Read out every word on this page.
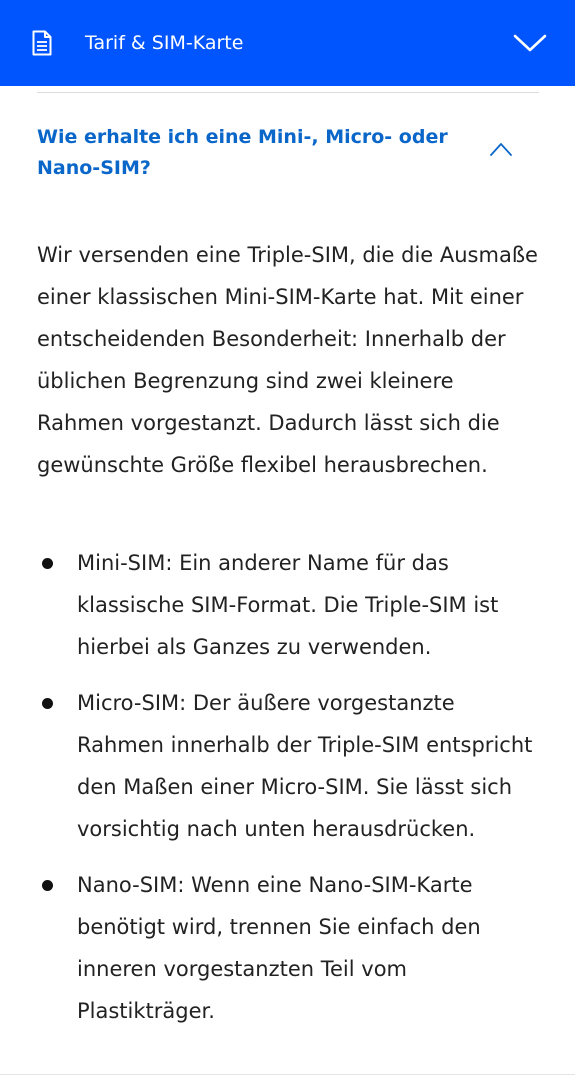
Tarif & SIM-Karte
Wie erhalte ich eine Mini-, Micro- oder Nano-SIM?

Wir versenden eine Triple-SIM, die die Ausmaße einer klassischen Mini-SIM-Karte hat. Mit einer entscheidenden Besonderheit: Innerhalb der üblichen Begrenzung sind zwei kleinere Rahmen vorgestanzt. Dadurch lässt sich die gewünschte Größe flexibel herausbrechen.

Mini-SIM: Ein anderer Name für das klassische SIM-Format. Die Triple-SIM ist hierbei als Ganzes zu verwenden.
Micro-SIM: Der äußere vorgestanzte Rahmen innerhalb der Triple-SIM entspricht den Maßen einer Micro-SIM. Sie lässt sich vorsichtig nach unten herausdrücken.
Nano-SIM: Wenn eine Nano-SIM-Karte benötigt wird, trennen Sie einfach den inneren vorgestanzten Teil vom Plastikträger.
